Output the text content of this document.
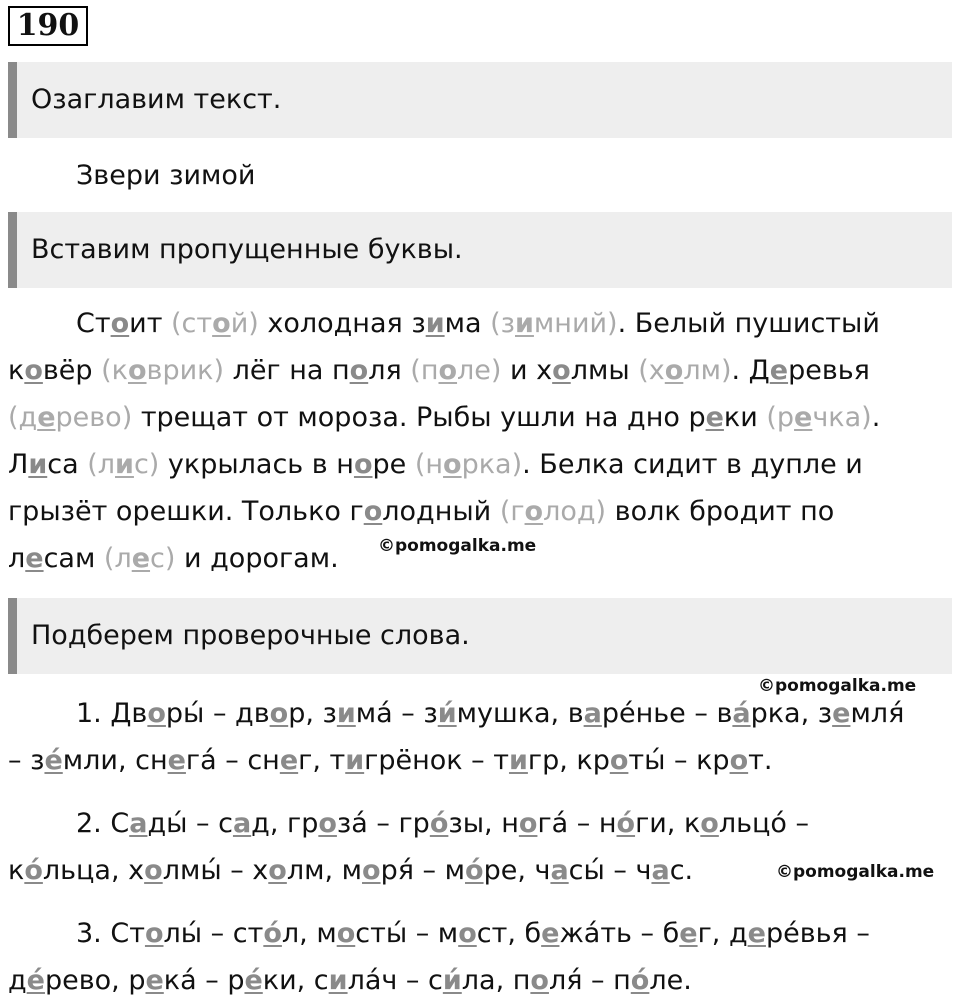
190
Озаглавим текст.
Звери зимой
Вставим пропущенные буквы.
Стоит (стой) холодная зима (зимний). Белый пушистый
ковёр (коврик) лёг на поля (поле) и холмы (холм). Деревья
(дерево) трещат от мороза. Рыбы ушли на дно реки (речка).
Лиса (лис) укрылась в норе (норка). Белка сидит в дупле и
грызёт орешки. Только голодный (голод) волк бродит по
лесам (лес) и дорогам. ©pomogalka.me
Подберем проверочные слова.
©pomogalka.me
1. Дворы́ – двор, зима́ – зи́мушка, варе́нье – ва́рка, земля́
– зе́мли, снега́ – снег, тигрёнок – тигр, кроты́ – крот.
2. Сады́ – сад, гроза́ – гро́зы, нога́ – но́ги, кольцо́ –
ко́льца, холмы́ – холм, моря́ – мо́ре, часы́ – час.
3. Столы́ – сто́л, мосты́ – мост, бежа́ть – бег, дере́вья –
де́рево, река́ – ре́ки, сила́ч – си́ла, поля́ – по́ле.
©pomogalka.me
